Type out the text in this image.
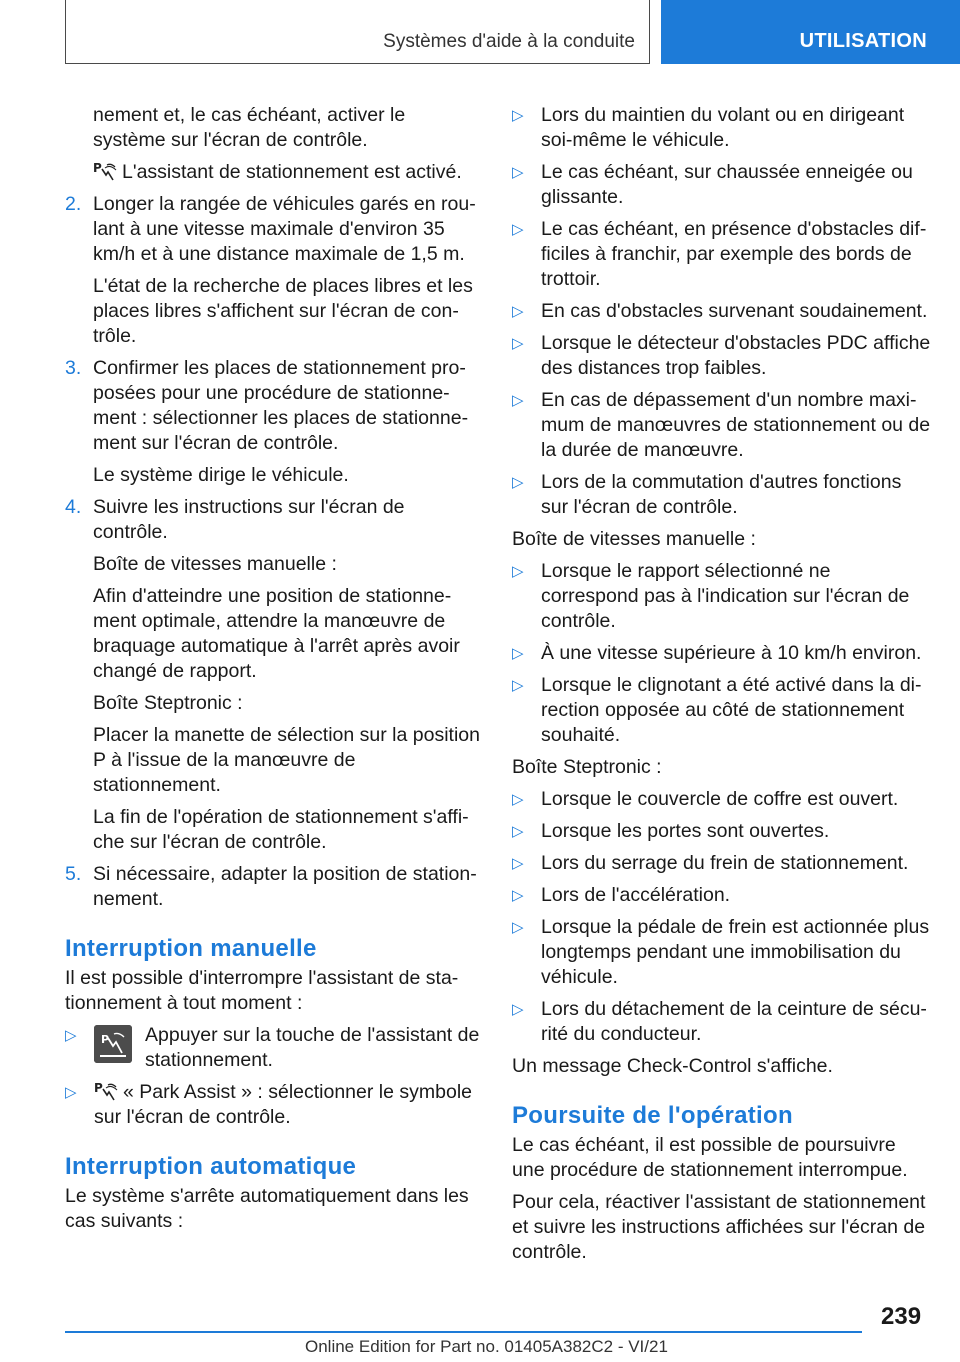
Systèmes d'aide à la conduite	UTILISATION

nement et, le cas échéant, activer le système sur l'écran de contrôle.

P L'assistant de stationnement est activé.

2. Longer la rangée de véhicules garés en roulant à une vitesse maximale d'environ 35 km/h et à une distance maximale de 1,5 m.

L'état de la recherche de places libres et les places libres s'affichent sur l'écran de contrôle.

3. Confirmer les places de stationnement proposées pour une procédure de stationnement : sélectionner les places de stationnement sur l'écran de contrôle.

Le système dirige le véhicule.

4. Suivre les instructions sur l'écran de contrôle.

Boîte de vitesses manuelle :

Afin d'atteindre une position de stationnement optimale, attendre la manœuvre de braquage automatique à l'arrêt après avoir changé de rapport.

Boîte Steptronic :

Placer la manette de sélection sur la position P à l'issue de la manœuvre de stationnement.

La fin de l'opération de stationnement s'affiche sur l'écran de contrôle.

5. Si nécessaire, adapter la position de stationnement.

Interruption manuelle

Il est possible d'interrompre l'assistant de stationnement à tout moment :

▷ P Appuyer sur la touche de l'assistant de stationnement.
▷ P « Park Assist » : sélectionner le symbole sur l'écran de contrôle.
Interruption automatique

Le système s'arrête automatiquement dans les cas suivants :

▷ Lors du maintien du volant ou en dirigeant soi-même le véhicule.
▷ Le cas échéant, sur chaussée enneigée ou glissante.
▷ Le cas échéant, en présence d'obstacles difficiles à franchir, par exemple des bords de trottoir.
▷ En cas d'obstacles survenant soudainement.
▷ Lorsque le détecteur d'obstacles PDC affiche des distances trop faibles.
▷ En cas de dépassement d'un nombre maximum de manœuvres de stationnement ou de la durée de manœuvre.
▷ Lors de la commutation d'autres fonctions sur l'écran de contrôle.

Boîte de vitesses manuelle :

▷ Lorsque le rapport sélectionné ne correspond pas à l'indication sur l'écran de contrôle.
▷ À une vitesse supérieure à 10 km/h environ.
▷ Lorsque le clignotant a été activé dans la direction opposée au côté de stationnement souhaité.

Boîte Steptronic :

▷ Lorsque le couvercle de coffre est ouvert.
▷ Lorsque les portes sont ouvertes.
▷ Lors du serrage du frein de stationnement.
▷ Lors de l'accélération.
▷ Lorsque la pédale de frein est actionnée plus longtemps pendant une immobilisation du véhicule.
▷ Lors du détachement de la ceinture de sécurité du conducteur.

Un message Check-Control s'affiche.

Poursuite de l'opération

Le cas échéant, il est possible de poursuivre une procédure de stationnement interrompue.

Pour cela, réactiver l'assistant de stationnement et suivre les instructions affichées sur l'écran de contrôle.

239
Online Edition for Part no. 01405A382C2 - VI/21
